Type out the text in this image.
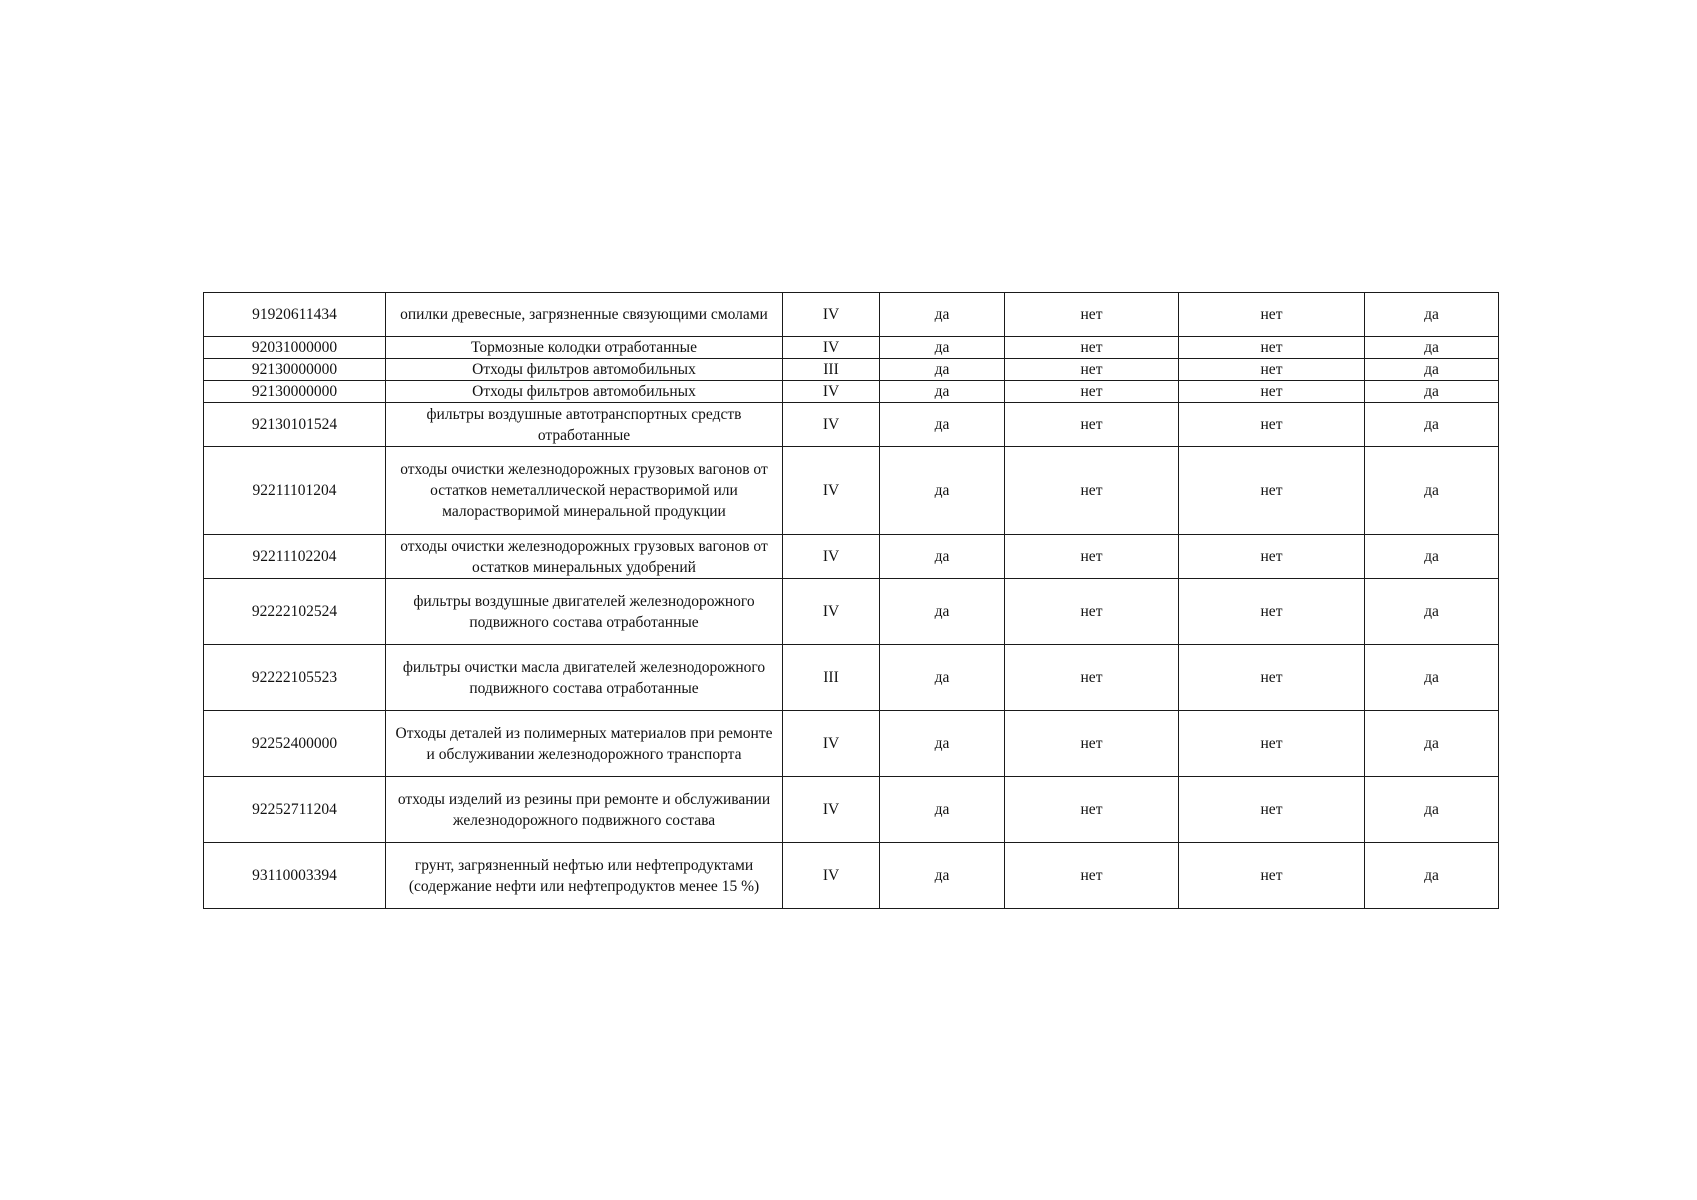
91920611434	опилки древесные, загрязненные связующими смолами	IV	да	нет	нет	да
92031000000	Тормозные колодки отработанные	IV	да	нет	нет	да
92130000000	Отходы фильтров автомобильных	III	да	нет	нет	да
92130000000	Отходы фильтров автомобильных	IV	да	нет	нет	да
92130101524	фильтры воздушные автотранспортных средств отработанные	IV	да	нет	нет	да
92211101204	отходы очистки железнодорожных грузовых вагонов от остатков неметаллической нерастворимой или малорастворимой минеральной продукции	IV	да	нет	нет	да
92211102204	отходы очистки железнодорожных грузовых вагонов от остатков минеральных удобрений	IV	да	нет	нет	да
92222102524	фильтры воздушные двигателей железнодорожного подвижного состава отработанные	IV	да	нет	нет	да
92222105523	фильтры очистки масла двигателей железнодорожного подвижного состава отработанные	III	да	нет	нет	да
92252400000	Отходы деталей из полимерных материалов при ремонте и обслуживании железнодорожного транспорта	IV	да	нет	нет	да
92252711204	отходы изделий из резины при ремонте и обслуживании железнодорожного подвижного состава	IV	да	нет	нет	да
93110003394	грунт, загрязненный нефтью или нефтепродуктами (содержание нефти или нефтепродуктов менее 15 %)	IV	да	нет	нет	да
